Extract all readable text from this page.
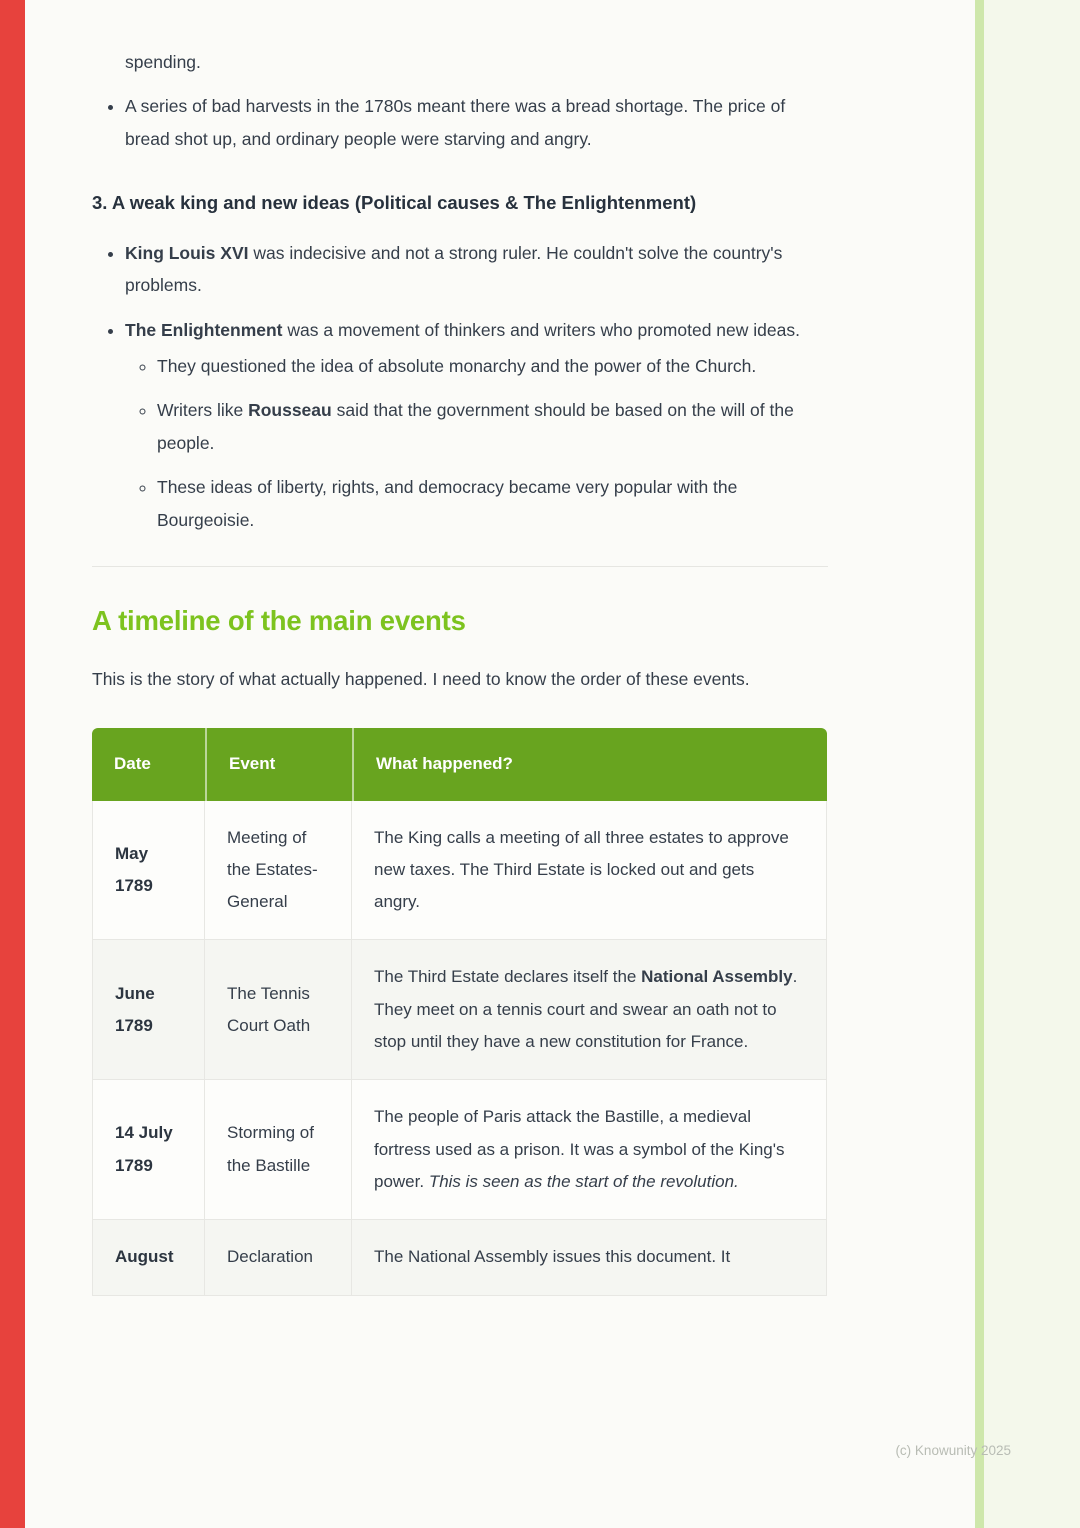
spending.

• A series of bad harvests in the 1780s meant there was a bread shortage. The price of bread shot up, and ordinary people were starving and angry.
3. A weak king and new ideas (Political causes & The Enlightenment)
• King Louis XVI was indecisive and not a strong ruler. He couldn't solve the country's problems.
• The Enlightenment was a movement of thinkers and writers who promoted new ideas.
◦ They questioned the idea of absolute monarchy and the power of the Church.
◦ Writers like Rousseau said that the government should be based on the will of the people.
◦ These ideas of liberty, rights, and democracy became very popular with the Bourgeoisie.
A timeline of the main events

This is the story of what actually happened. I need to know the order of these events.

Date	Event	What happened?
May 1789	Meeting of the Estates-General	The King calls a meeting of all three estates to approve new taxes. The Third Estate is locked out and gets angry.
June 1789	The Tennis Court Oath	The Third Estate declares itself the National Assembly. They meet on a tennis court and swear an oath not to stop until they have a new constitution for France.
14 July 1789	Storming of the Bastille	The people of Paris attack the Bastille, a medieval fortress used as a prison. It was a symbol of the King's power. This is seen as the start of the revolution.
August	Declaration	The National Assembly issues this document. It
(c) Knowunity 2025
